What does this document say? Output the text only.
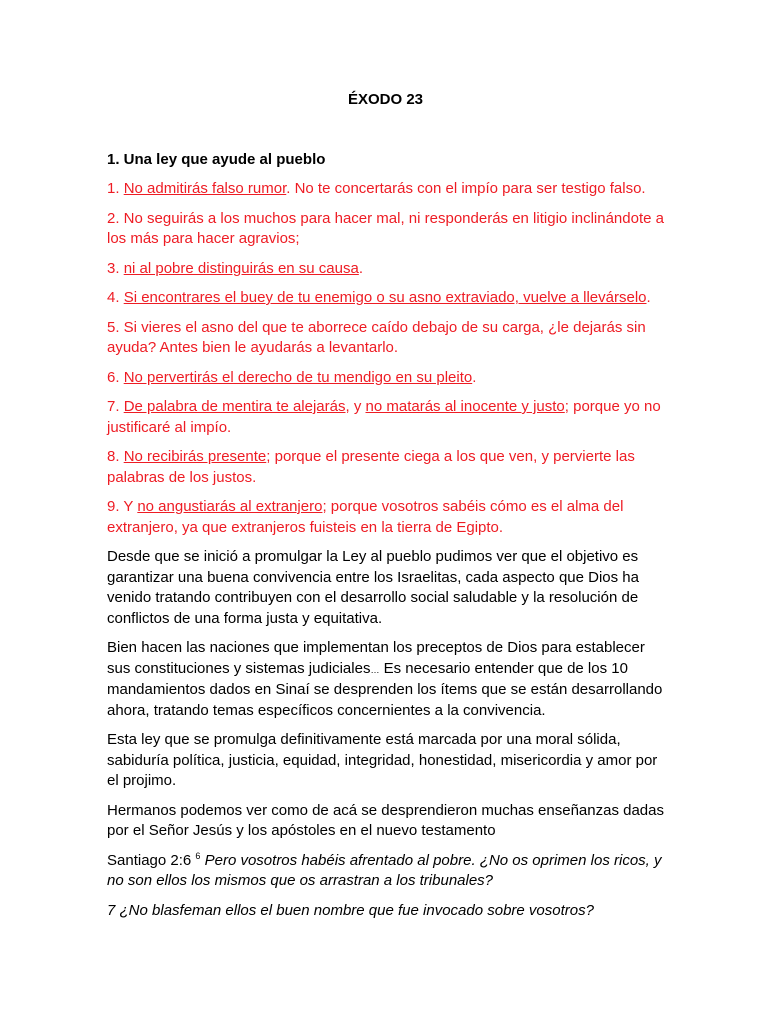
ÉXODO 23
1. Una ley que ayude al pueblo

1. No admitirás falso rumor. No te concertarás con el impío para ser testigo falso.

2. No seguirás a los muchos para hacer mal, ni responderás en litigio inclinándote a los más para hacer agravios;

3. ni al pobre distinguirás en su causa.

4. Si encontrares el buey de tu enemigo o su asno extraviado, vuelve a llevárselo.

5. Si vieres el asno del que te aborrece caído debajo de su carga, ¿le dejarás sin ayuda? Antes bien le ayudarás a levantarlo.

6. No pervertirás el derecho de tu mendigo en su pleito.

7. De palabra de mentira te alejarás, y no matarás al inocente y justo; porque yo no justificaré al impío.

8. No recibirás presente; porque el presente ciega a los que ven, y pervierte las palabras de los justos.

9. Y no angustiarás al extranjero; porque vosotros sabéis cómo es el alma del extranjero, ya que extranjeros fuisteis en la tierra de Egipto.

Desde que se inició a promulgar la Ley al pueblo pudimos ver que el objetivo es garantizar una buena convivencia entre los Israelitas, cada aspecto que Dios ha venido tratando contribuyen con el desarrollo social saludable y la resolución de conflictos de una forma justa y equitativa.

Bien hacen las naciones que implementan los preceptos de Dios para establecer sus constituciones y sistemas judiciales… Es necesario entender que de los 10 mandamientos dados en Sinaí se desprenden los ítems que se están desarrollando ahora, tratando temas específicos concernientes a la convivencia.

Esta ley que se promulga definitivamente está marcada por una moral sólida, sabiduría política, justicia, equidad, integridad, honestidad, misericordia y amor por el projimo.

Hermanos podemos ver como de acá se desprendieron muchas enseñanzas dadas por el Señor Jesús y los apóstoles en el nuevo testamento

Santiago 2:6 $^6$ Pero vosotros habéis afrentado al pobre. ¿No os oprimen los ricos, y no son ellos los mismos que os arrastran a los tribunales?

7 ¿No blasfeman ellos el buen nombre que fue invocado sobre vosotros?
